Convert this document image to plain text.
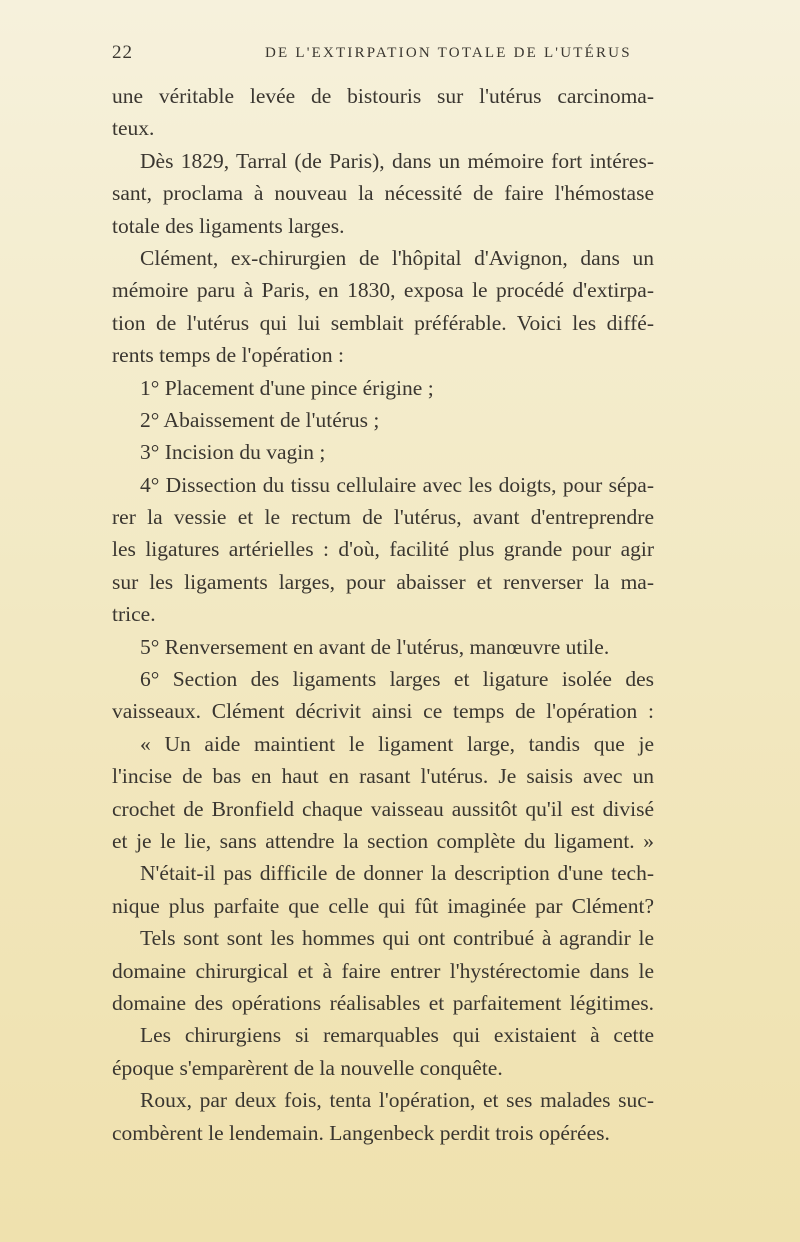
22	DE L'EXTIRPATION TOTALE DE L'UTÉRUS
une véritable levée de bistouris sur l'utérus carcinoma-
teux.
Dès 1829, Tarral (de Paris), dans un mémoire fort intéres-
sant, proclama à nouveau la nécessité de faire l'hémostase
totale des ligaments larges.
Clément, ex-chirurgien de l'hôpital d'Avignon, dans un
mémoire paru à Paris, en 1830, exposa le procédé d'extirpa-
tion de l'utérus qui lui semblait préférable. Voici les diffé-
rents temps de l'opération :
1° Placement d'une pince érigine ;
2° Abaissement de l'utérus ;
3° Incision du vagin ;
4° Dissection du tissu cellulaire avec les doigts, pour sépa-
rer la vessie et le rectum de l'utérus, avant d'entreprendre
les ligatures artérielles : d'où, facilité plus grande pour agir
sur les ligaments larges, pour abaisser et renverser la ma-
trice.
5° Renversement en avant de l'utérus, manœuvre utile.
6° Section des ligaments larges et ligature isolée des
vaisseaux. Clément décrivit ainsi ce temps de l'opération :
« Un aide maintient le ligament large, tandis que je
l'incise de bas en haut en rasant l'utérus. Je saisis avec un
crochet de Bronfield chaque vaisseau aussitôt qu'il est divisé
et je le lie, sans attendre la section complète du ligament. »
N'était-il pas difficile de donner la description d'une tech-
nique plus parfaite que celle qui fût imaginée par Clément?
Tels sont sont les hommes qui ont contribué à agrandir le
domaine chirurgical et à faire entrer l'hystérectomie dans le
domaine des opérations réalisables et parfaitement légitimes.
Les chirurgiens si remarquables qui existaient à cette
époque s'emparèrent de la nouvelle conquête.
Roux, par deux fois, tenta l'opération, et ses malades suc-
combèrent le lendemain. Langenbeck perdit trois opérées.
